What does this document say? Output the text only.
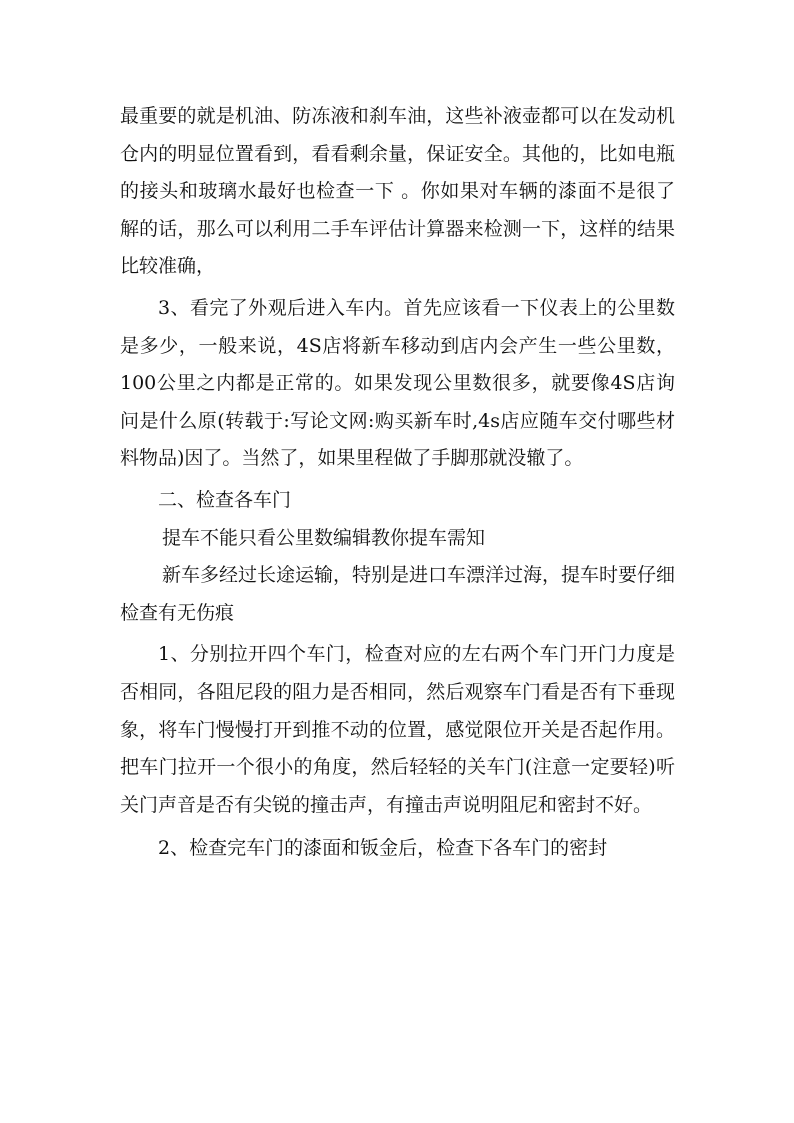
最重要的就是机油、防冻液和刹车油，这些补液壶都可以在发动机仓内的明显位置看到，看看剩余量，保证安全。其他的，比如电瓶的接头和玻璃水最好也检查一下 。你如果对车辆的漆面不是很了解的话，那么可以利用二手车评估计算器来检测一下，这样的结果比较准确，

3、看完了外观后进入车内。首先应该看一下仪表上的公里数是多少，一般来说，4S店将新车移动到店内会产生一些公里数，100公里之内都是正常的。如果发现公里数很多，就要像4S店询问是什么原(转载于:写论文网:购买新车时,4s店应随车交付哪些材料物品)因了。当然了，如果里程做了手脚那就没辙了。

二、检查各车门

提车不能只看公里数编辑教你提车需知

新车多经过长途运输，特别是进口车漂洋过海，提车时要仔细检查有无伤痕

1、分别拉开四个车门，检查对应的左右两个车门开门力度是否相同，各阻尼段的阻力是否相同，然后观察车门看是否有下垂现象，将车门慢慢打开到推不动的位置，感觉限位开关是否起作用。把车门拉开一个很小的角度，然后轻轻的关车门(注意一定要轻)听关门声音是否有尖锐的撞击声，有撞击声说明阻尼和密封不好。

2、检查完车门的漆面和钣金后，检查下各车门的密封
